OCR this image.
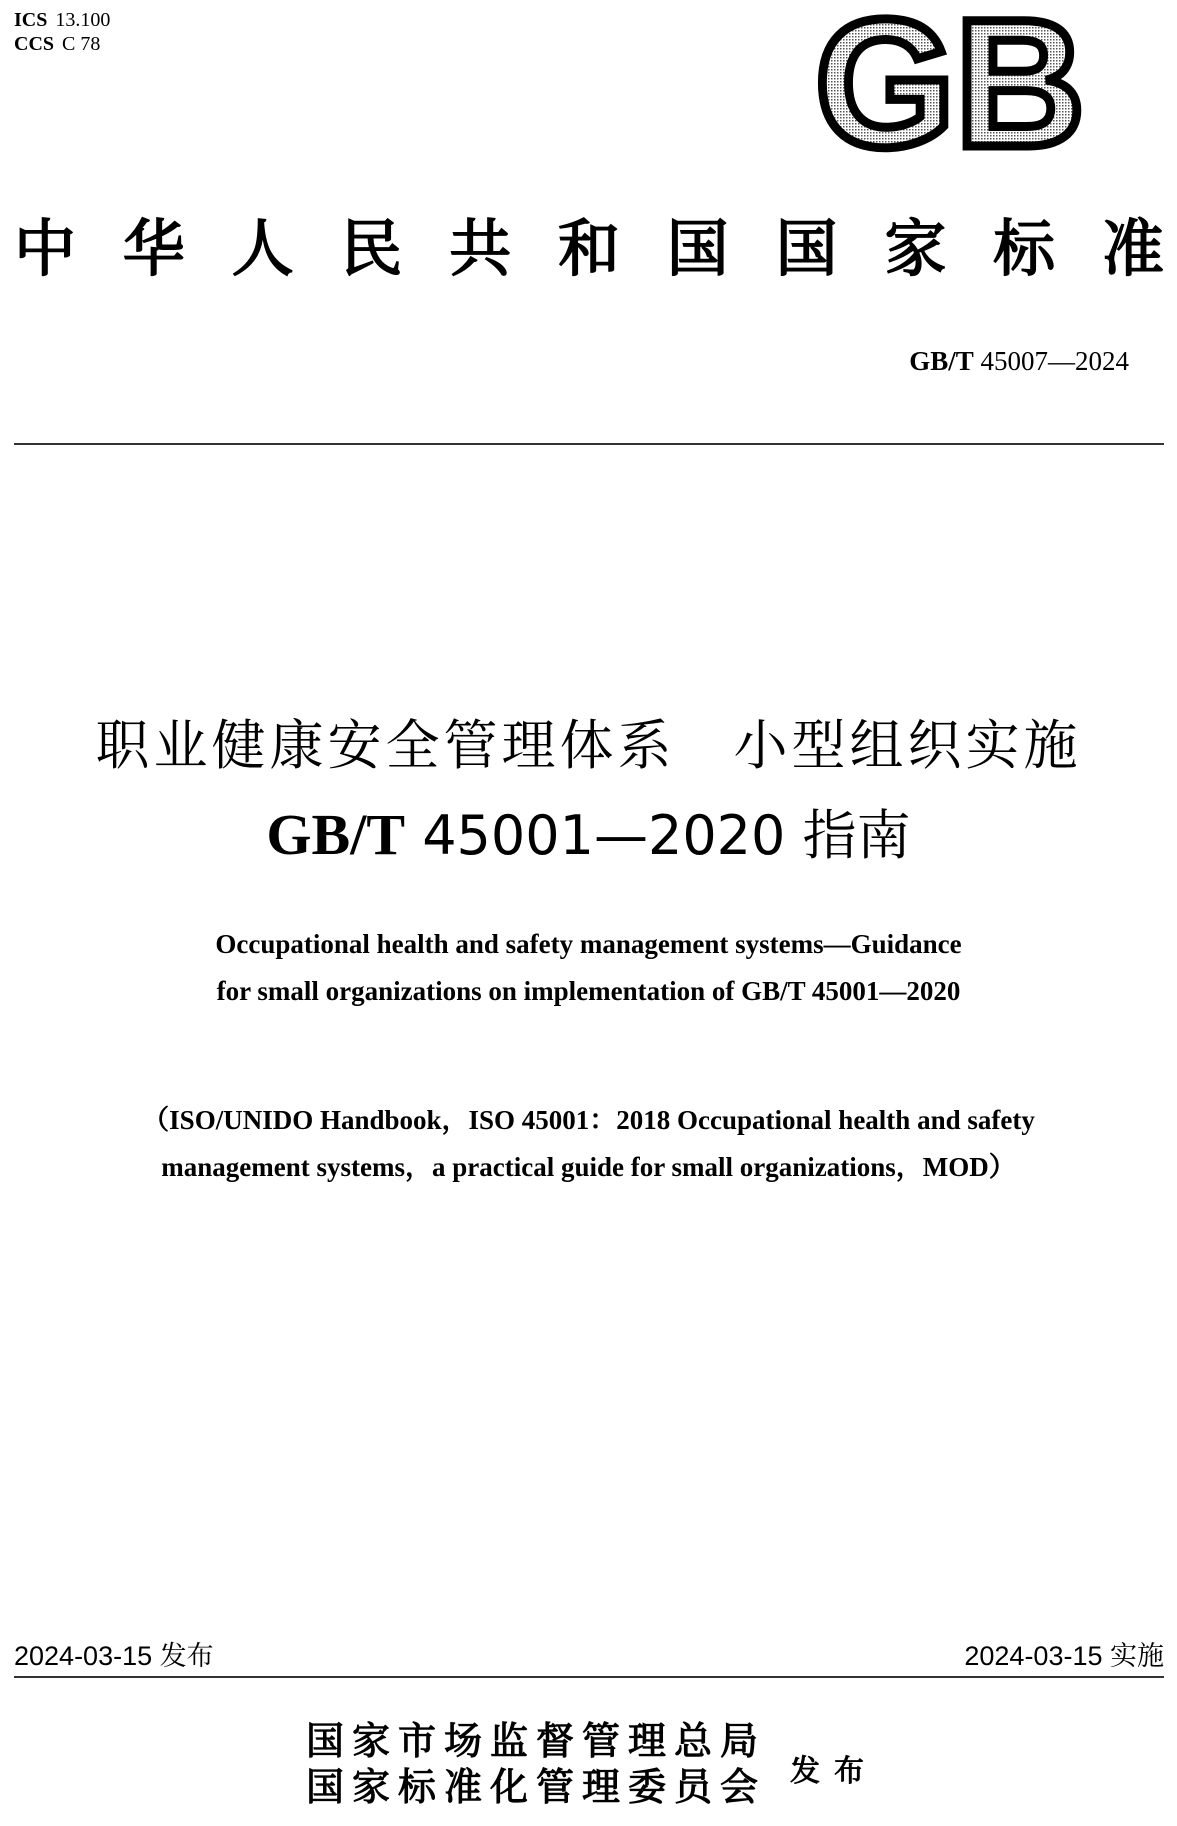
ICS 13.100
CCS C 78	GB
中 华 人 民 共 和 国 国 家 标 准
GB/T 45007—2024
职业健康安全管理体系　小型组织实施
GB/T 45001—2020 指南
Occupational health and safety management systems—Guidance
for small organizations on implementation of GB/T 45001—2020
（ISO/UNIDO Handbook，ISO 45001：2018 Occupational health and safety
management systems，a practical guide for small organizations，MOD）
2024-03-15 发布	2024-03-15 实施
国家市场监督管理总局
国家标准化管理委员会 发布
